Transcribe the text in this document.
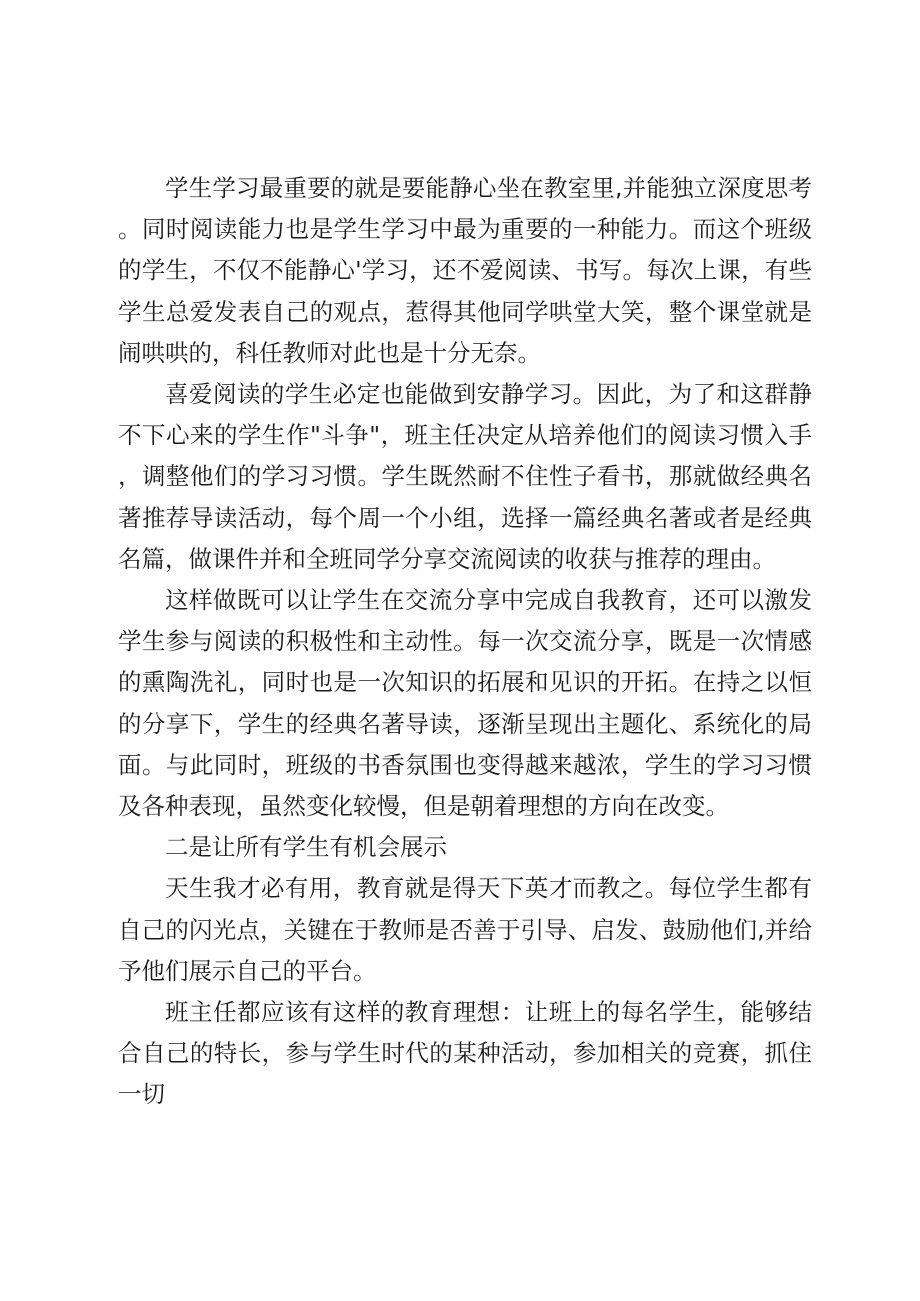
学生学习最重要的就是要能静心坐在教室里,并能独立深度思考。同时阅读能力也是学生学习中最为重要的一种能力。而这个班级的学生，不仅不能静心'学习，还不爱阅读、书写。每次上课，有些学生总爱发表自己的观点，惹得其他同学哄堂大笑，整个课堂就是闹哄哄的，科任教师对此也是十分无奈。

喜爱阅读的学生必定也能做到安静学习。因此，为了和这群静不下心来的学生作"斗争"，班主任决定从培养他们的阅读习惯入手，调整他们的学习习惯。学生既然耐不住性子看书，那就做经典名著推荐导读活动，每个周一个小组，选择一篇经典名著或者是经典名篇，做课件并和全班同学分享交流阅读的收获与推荐的理由。

这样做既可以让学生在交流分享中完成自我教育，还可以激发学生参与阅读的积极性和主动性。每一次交流分享，既是一次情感的熏陶洗礼，同时也是一次知识的拓展和见识的开拓。在持之以恒的分享下，学生的经典名著导读，逐渐呈现出主题化、系统化的局面。与此同时，班级的书香氛围也变得越来越浓，学生的学习习惯及各种表现，虽然变化较慢，但是朝着理想的方向在改变。

二是让所有学生有机会展示

天生我才必有用，教育就是得天下英才而教之。每位学生都有自己的闪光点，关键在于教师是否善于引导、启发、鼓励他们,并给予他们展示自己的平台。

班主任都应该有这样的教育理想：让班上的每名学生，能够结合自己的特长，参与学生时代的某种活动，参加相关的竞赛，抓住一切
